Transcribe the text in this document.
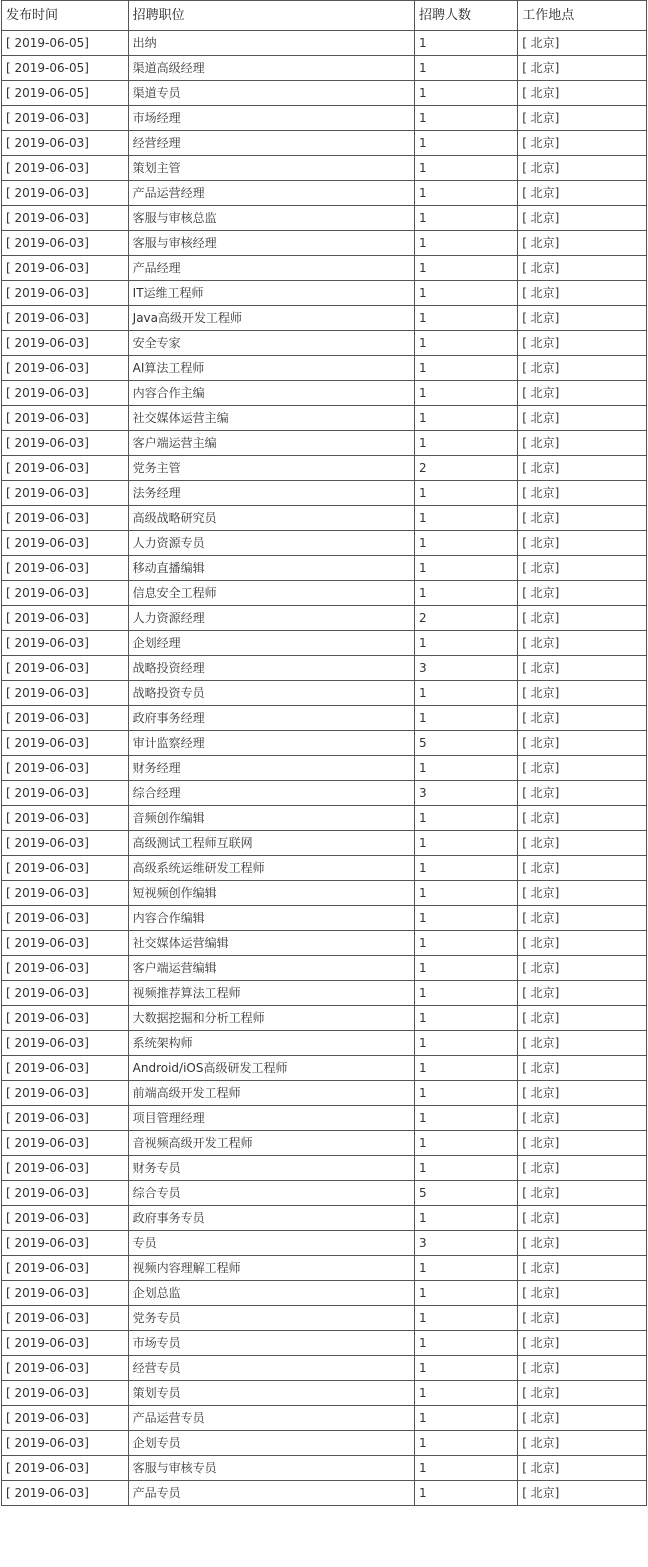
发布时间	招聘职位	招聘人数	工作地点
[ 2019-06-05]	出纳	1	[ 北京]
[ 2019-06-05]	渠道高级经理	1	[ 北京]
[ 2019-06-05]	渠道专员	1	[ 北京]
[ 2019-06-03]	市场经理	1	[ 北京]
[ 2019-06-03]	经营经理	1	[ 北京]
[ 2019-06-03]	策划主管	1	[ 北京]
[ 2019-06-03]	产品运营经理	1	[ 北京]
[ 2019-06-03]	客服与审核总监	1	[ 北京]
[ 2019-06-03]	客服与审核经理	1	[ 北京]
[ 2019-06-03]	产品经理	1	[ 北京]
[ 2019-06-03]	IT运维工程师	1	[ 北京]
[ 2019-06-03]	Java高级开发工程师	1	[ 北京]
[ 2019-06-03]	安全专家	1	[ 北京]
[ 2019-06-03]	AI算法工程师	1	[ 北京]
[ 2019-06-03]	内容合作主编	1	[ 北京]
[ 2019-06-03]	社交媒体运营主编	1	[ 北京]
[ 2019-06-03]	客户端运营主编	1	[ 北京]
[ 2019-06-03]	党务主管	2	[ 北京]
[ 2019-06-03]	法务经理	1	[ 北京]
[ 2019-06-03]	高级战略研究员	1	[ 北京]
[ 2019-06-03]	人力资源专员	1	[ 北京]
[ 2019-06-03]	移动直播编辑	1	[ 北京]
[ 2019-06-03]	信息安全工程师	1	[ 北京]
[ 2019-06-03]	人力资源经理	2	[ 北京]
[ 2019-06-03]	企划经理	1	[ 北京]
[ 2019-06-03]	战略投资经理	3	[ 北京]
[ 2019-06-03]	战略投资专员	1	[ 北京]
[ 2019-06-03]	政府事务经理	1	[ 北京]
[ 2019-06-03]	审计监察经理	5	[ 北京]
[ 2019-06-03]	财务经理	1	[ 北京]
[ 2019-06-03]	综合经理	3	[ 北京]
[ 2019-06-03]	音频创作编辑	1	[ 北京]
[ 2019-06-03]	高级测试工程师互联网	1	[ 北京]
[ 2019-06-03]	高级系统运维研发工程师	1	[ 北京]
[ 2019-06-03]	短视频创作编辑	1	[ 北京]
[ 2019-06-03]	内容合作编辑	1	[ 北京]
[ 2019-06-03]	社交媒体运营编辑	1	[ 北京]
[ 2019-06-03]	客户端运营编辑	1	[ 北京]
[ 2019-06-03]	视频推荐算法工程师	1	[ 北京]
[ 2019-06-03]	大数据挖掘和分析工程师	1	[ 北京]
[ 2019-06-03]	系统架构师	1	[ 北京]
[ 2019-06-03]	Android/iOS高级研发工程师	1	[ 北京]
[ 2019-06-03]	前端高级开发工程师	1	[ 北京]
[ 2019-06-03]	项目管理经理	1	[ 北京]
[ 2019-06-03]	音视频高级开发工程师	1	[ 北京]
[ 2019-06-03]	财务专员	1	[ 北京]
[ 2019-06-03]	综合专员	5	[ 北京]
[ 2019-06-03]	政府事务专员	1	[ 北京]
[ 2019-06-03]	专员	3	[ 北京]
[ 2019-06-03]	视频内容理解工程师	1	[ 北京]
[ 2019-06-03]	企划总监	1	[ 北京]
[ 2019-06-03]	党务专员	1	[ 北京]
[ 2019-06-03]	市场专员	1	[ 北京]
[ 2019-06-03]	经营专员	1	[ 北京]
[ 2019-06-03]	策划专员	1	[ 北京]
[ 2019-06-03]	产品运营专员	1	[ 北京]
[ 2019-06-03]	企划专员	1	[ 北京]
[ 2019-06-03]	客服与审核专员	1	[ 北京]
[ 2019-06-03]	产品专员	1	[ 北京]
